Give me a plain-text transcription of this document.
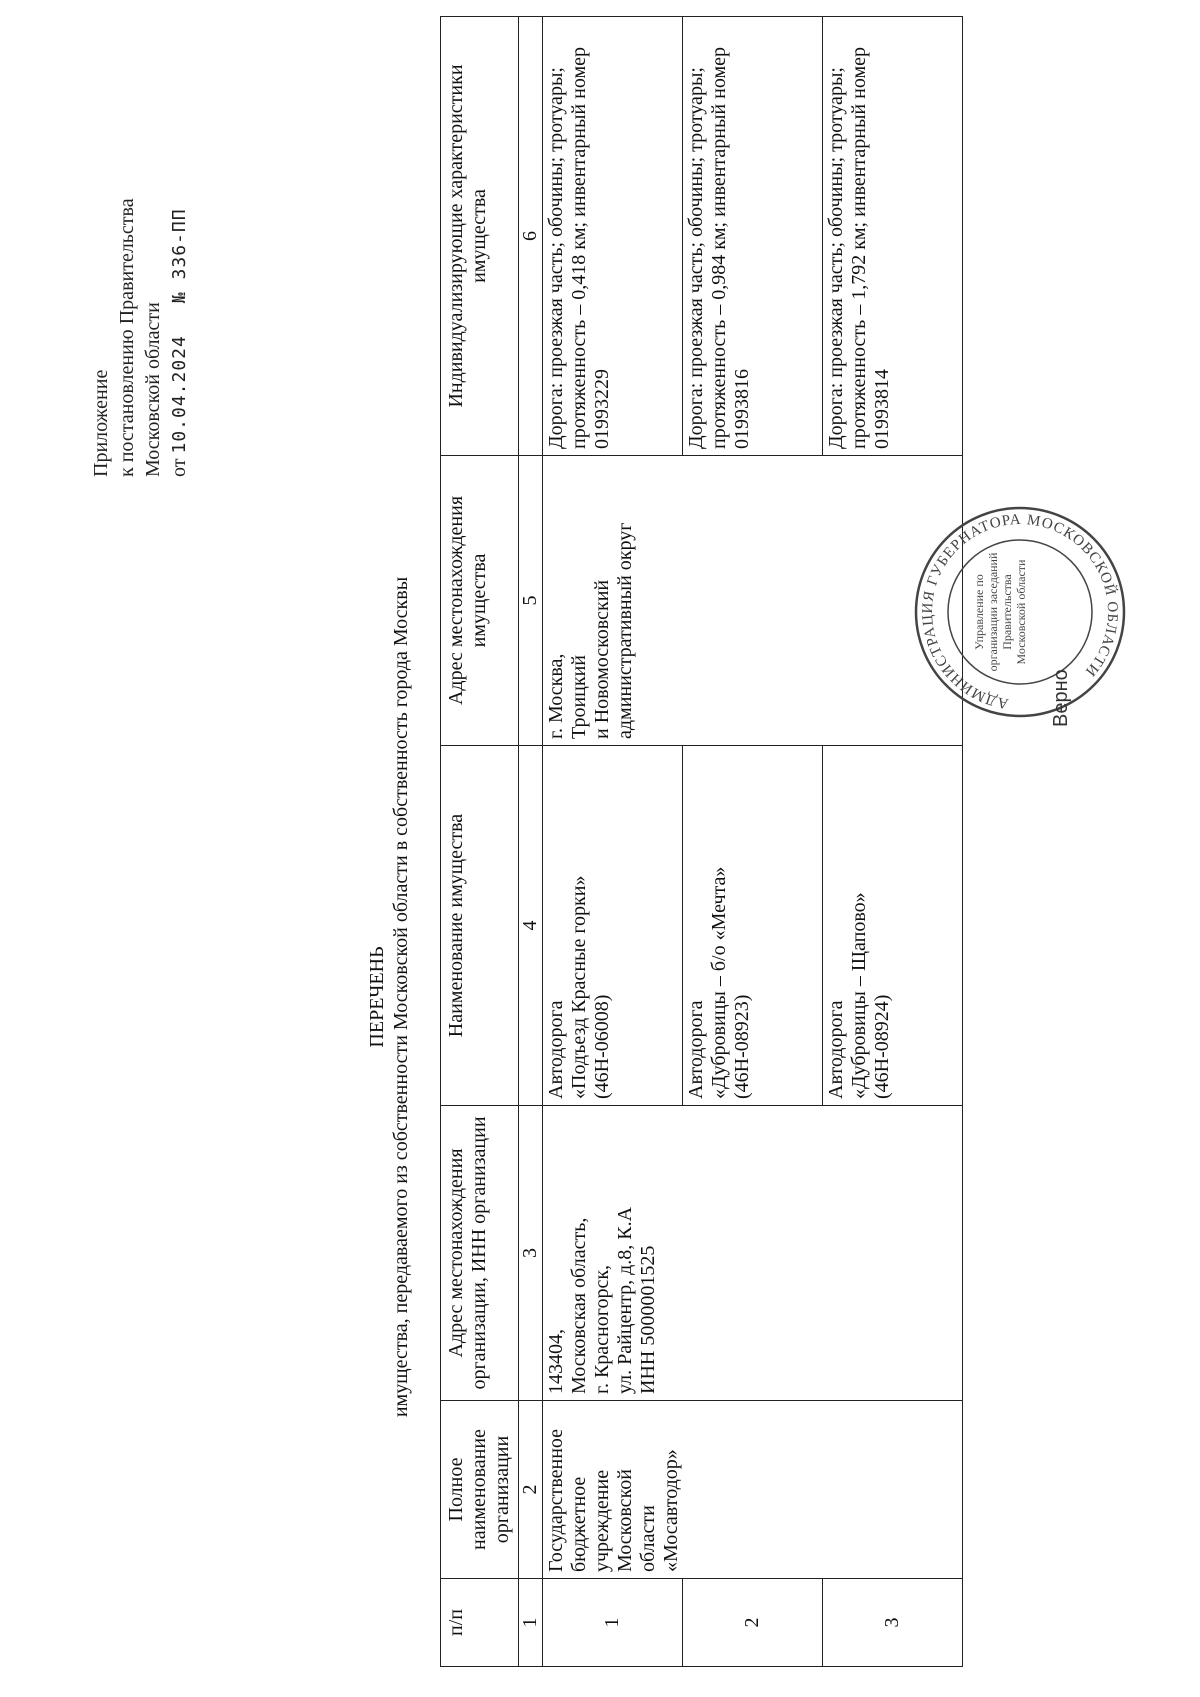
Приложение к постановлению Правительства Московской области от 10.04.2024  № 336-ПП
ПЕРЕЧЕНЬ имущества, передаваемого из собственности Московской области в собственность города Москвы
п/п	Полное наименование организации	Адрес местонахождения организации, ИНН организации	Наименование имущества	Адрес местонахождения имущества	Индивидуализирующие характеристики имущества
1	2	3	4	5	6
1	Государственное бюджетное учреждение Московской области «Мосавтодор»	143404,
Московская область,
г. Красногорск,
ул. Райцентр, д.8, К.А
ИНН 5000001525	Автодорога
«Подъезд Красные горки»
(46Н-06008)	г. Москва,
Троицкий
и Новомосковский
административный округ	Дорога: проезжая часть; обочины; тротуары; протяженность – 0,418 км; инвентарный номер 01993229
2			Автодорога
«Дубровицы – б/о «Мечта»
(46Н-08923)		Дорога: проезжая часть; обочины; тротуары; протяженность – 0,984 км; инвентарный номер 01993816
3			Автодорога
«Дубровицы – Щапово»
(46Н-08924)		Дорога: проезжая часть; обочины; тротуары; протяженность – 1,792 км; инвентарный номер 01993814
АДМИНИСТРАЦИЯ ГУБЕРНАТОРА МОСКОВСКОЙ ОБЛАСТИ
Управление по организации заседаний Правительства Московской области
Верно
